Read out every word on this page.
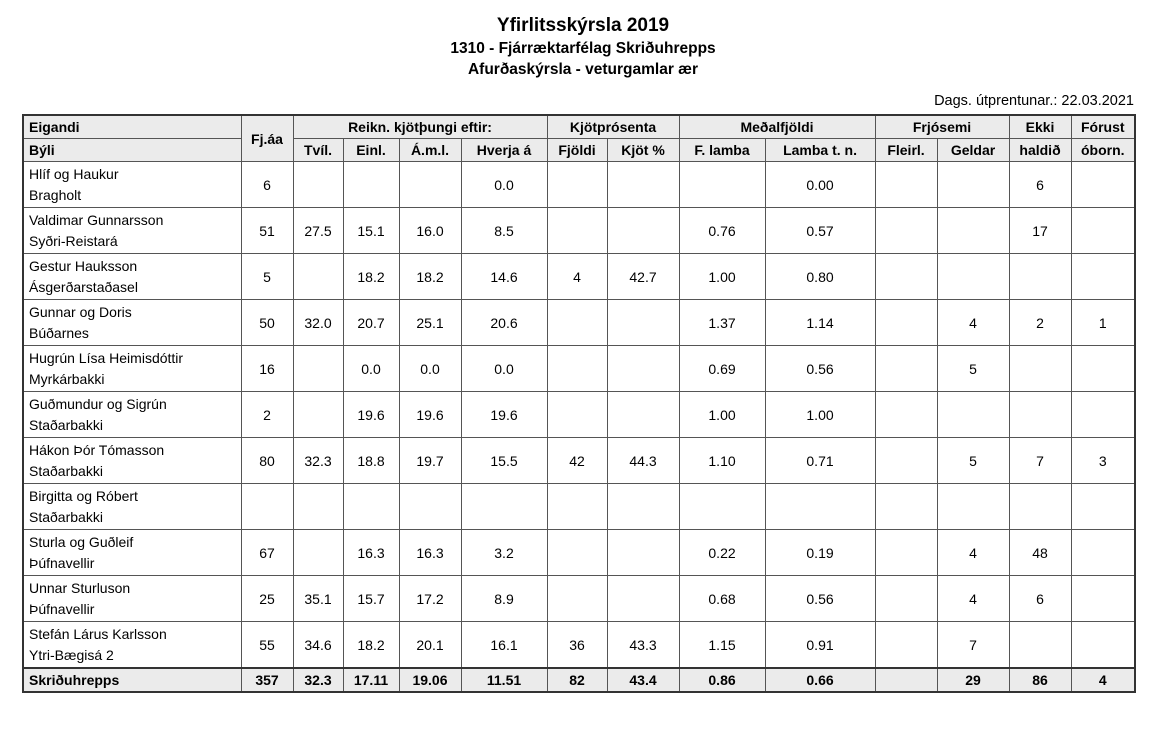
Yfirlitsskýrsla 2019
1310 - Fjárræktarfélag Skriðuhrepps
Afurðaskýrsla - veturgamlar ær
Dags. útprentunar.: 22.03.2021
Eigandi	Fj.áa	Reikn. kjötþungi eftir:				Kjötprósenta		Meðalfjöldi		Frjósemi		Ekki	Fórust
Býli		Tvíl.	Einl.	Á.m.l.	Hverja á	Fjöldi	Kjöt %	F. lamba	Lamba t. n.	Fleirl.	Geldar	haldið	óborn.

Hlíf og Haukur
Bragholt	6				0.0				0.00			6	

Valdimar Gunnarsson
Syðri-Reistará	51	27.5	15.1	16.0	8.5			0.76	0.57			17	

Gestur Hauksson
Ásgerðarstaðasel	5		18.2	18.2	14.6	4	42.7	1.00	0.80				

Gunnar og Doris
Búðarnes	50	32.0	20.7	25.1	20.6			1.37	1.14		4	2	1

Hugrún Lísa Heimisdóttir
Myrkárbakki	16		0.0	0.0	0.0			0.69	0.56		5		

Guðmundur og Sigrún
Staðarbakki	2		19.6	19.6	19.6			1.00	1.00				

Hákon Þór Tómasson
Staðarbakki	80	32.3	18.8	19.7	15.5	42	44.3	1.10	0.71		5	7	3

Birgitta og Róbert
Staðarbakki													

Sturla og Guðleif
Þúfnavellir	67		16.3	16.3	3.2			0.22	0.19		4	48	

Unnar Sturluson
Þúfnavellir	25	35.1	15.7	17.2	8.9			0.68	0.56		4	6	

Stefán Lárus Karlsson
Ytri-Bægisá 2	55	34.6	18.2	20.1	16.1	36	43.3	1.15	0.91		7		
Skriðuhrepps	357	32.3	17.11	19.06	11.51	82	43.4	0.86	0.66		29	86	4
